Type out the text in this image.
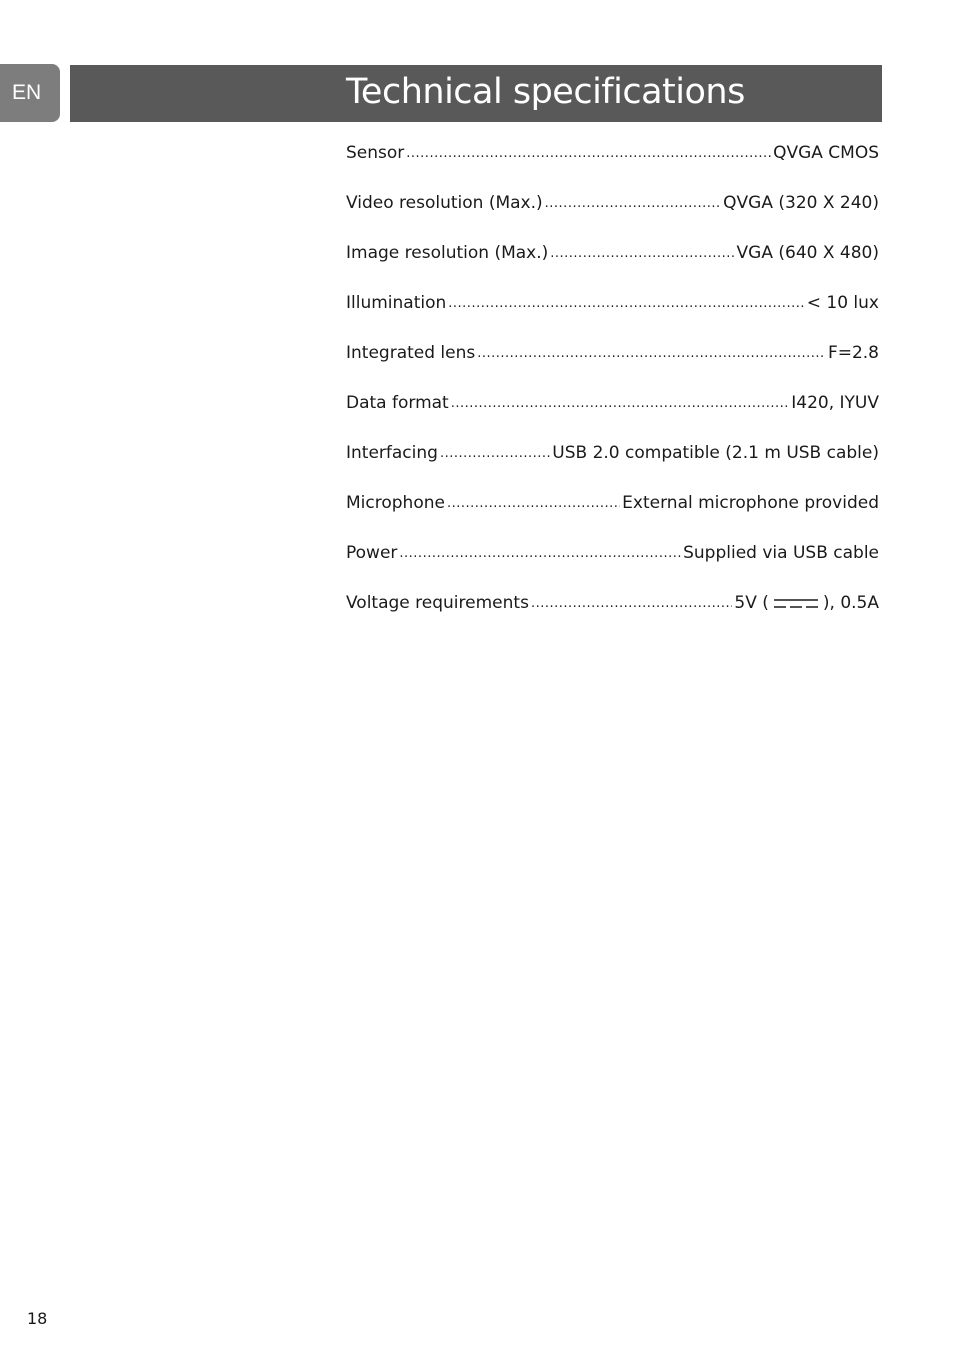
EN	Technical specifications
Sensor .....	QVGA CMOS
Video resolution (Max.) .....	QVGA (320 X 240)
Image resolution (Max.) .....	VGA (640 X 480)
Illumination .....	< 10 lux
Integrated lens .....	F=2.8
Data format .....	I420, IYUV
Interfacing .....	USB 2.0 compatible (2.1 m USB cable)
Microphone .....	External microphone provided
Power .....	Supplied via USB cable
Voltage requirements .....	5V (	), 0.5A
18
